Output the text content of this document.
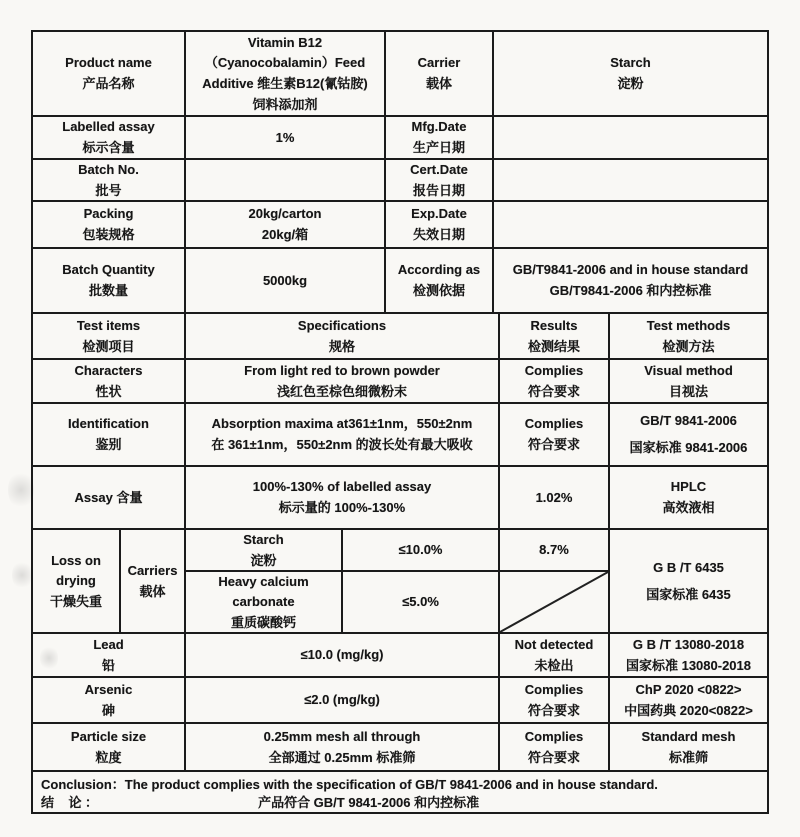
Product name
产品名称
Vitamin B12
（Cyanocobalamin）Feed
Additive 维生素B12(氰钴胺)
饲料添加剂
Carrier
载体
Starch
淀粉
Labelled assay
标示含量
1%
Mfg.Date
生产日期
Batch No.
批号
Cert.Date
报告日期
Packing
包装规格
20kg/carton
20kg/箱
Exp.Date
失效日期
Batch Quantity
批数量
5000kg
According as
检测依据
GB/T9841-2006 and in house standard
GB/T9841-2006 和内控标准
Test items
检测项目
Specifications
规格
Results
检测结果
Test methods
检测方法
Characters
性状
From light red to brown powder
浅红色至棕色细微粉末
Complies
符合要求
Visual method
目视法
Identification
鉴别
Absorption maxima at361±1nm，550±2nm
在 361±1nm，550±2nm 的波长处有最大吸收
Complies
符合要求
GB/T 9841-2006
国家标准 9841-2006
Assay 含量
100%-130% of labelled assay
标示量的 100%-130%
1.02%
HPLC
高效液相
Loss on
drying
干燥失重
Carriers
载体
Starch
淀粉
≤10.0%	8.7%
Heavy calcium
carbonate
重质碳酸钙
≤5.0%
G B /T 6435
国家标准 6435
Lead
铅
≤10.0 (mg/kg)
Not detected
未检出
G B /T 13080-2018
国家标准 13080-2018
Arsenic
砷
≤2.0 (mg/kg)
Complies
符合要求
ChP 2020 <0822>
中国药典 2020<0822>
Particle size
粒度
0.25mm mesh all through
全部通过 0.25mm 标准筛
Complies
符合要求
Standard mesh
标准筛
Conclusion：The product complies with the specification of GB/T 9841-2006 and in house standard.
结    论 ：	产品符合 GB/T 9841-2006 和内控标准
